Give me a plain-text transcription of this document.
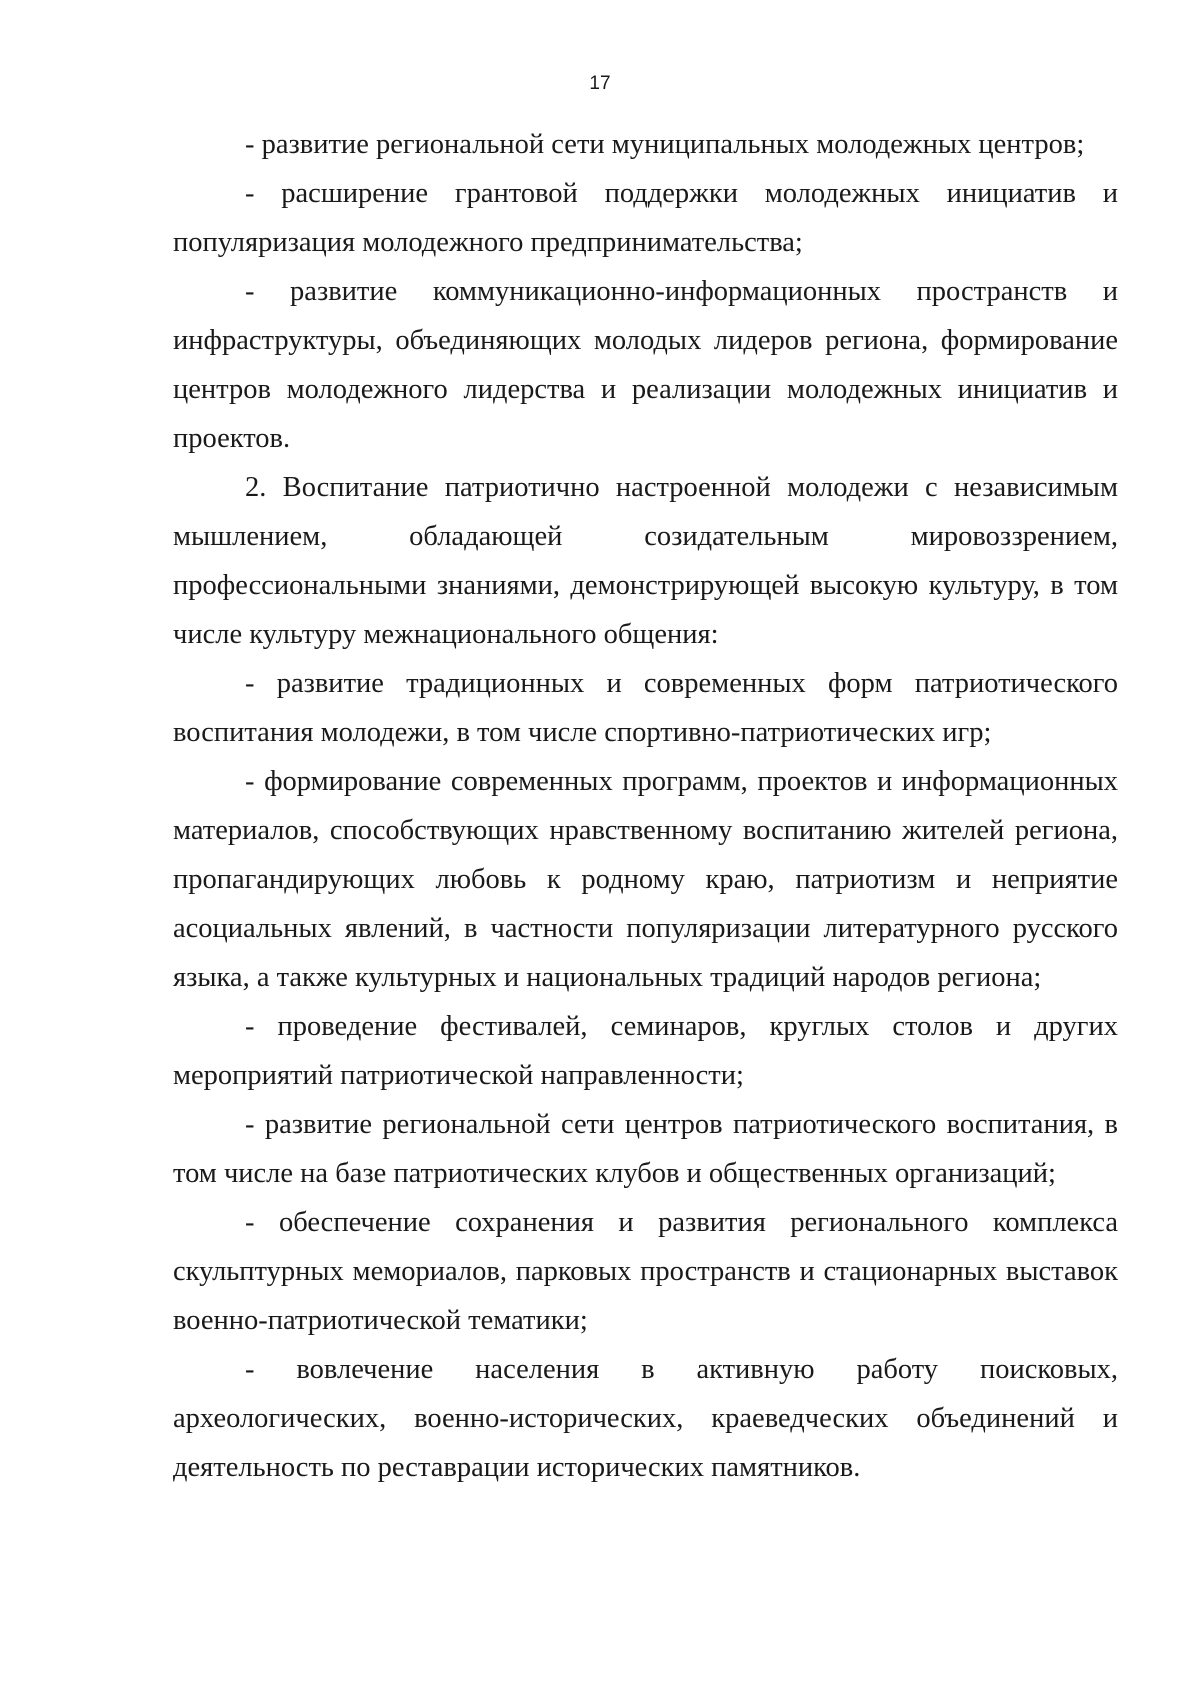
17

- развитие региональной сети муниципальных молодежных центров;

- расширение грантовой поддержки молодежных инициатив и популяризация молодежного предпринимательства;

- развитие коммуникационно-информационных пространств и инфраструктуры, объединяющих молодых лидеров региона, формирование центров молодежного лидерства и реализации молодежных инициатив и проектов.

2. Воспитание патриотично настроенной молодежи с независимым мышлением, обладающей созидательным мировоззрением, профессиональными знаниями, демонстрирующей высокую культуру, в том числе культуру межнационального общения:

- развитие традиционных и современных форм патриотического воспитания молодежи, в том числе спортивно-патриотических игр;

- формирование современных программ, проектов и информационных материалов, способствующих нравственному воспитанию жителей региона, пропагандирующих любовь к родному краю, патриотизм и неприятие асоциальных явлений, в частности популяризации литературного русского языка, а также культурных и национальных традиций народов региона;

- проведение фестивалей, семинаров, круглых столов и других мероприятий патриотической направленности;

- развитие региональной сети центров патриотического воспитания, в том числе на базе патриотических клубов и общественных организаций;

- обеспечение сохранения и развития регионального комплекса скульптурных мемориалов, парковых пространств и стационарных выставок военно-патриотической тематики;

- вовлечение населения в активную работу поисковых, археологических, военно-исторических, краеведческих объединений и деятельность по реставрации исторических памятников.
